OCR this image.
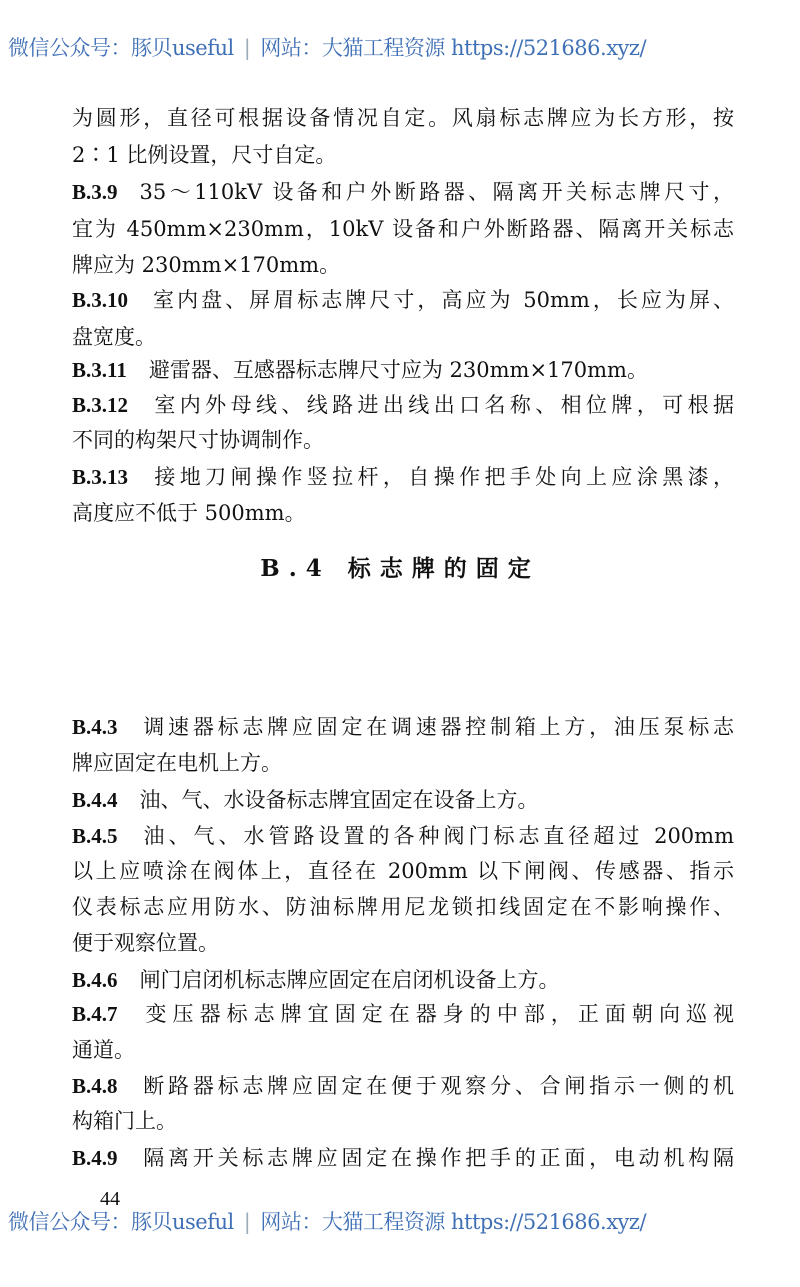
微信公众号：豚贝useful | 网站：大猫工程资源 https://521686.xyz/
为圆形，直径可根据设备情况自定。风扇标志牌应为长方形，按
2∶1 比例设置，尺寸自定。
B.3.9 35～110kV 设备和户外断路器、隔离开关标志牌尺寸，
宜为 450mm×230mm，10kV 设备和户外断路器、隔离开关标志
牌应为 230mm×170mm。
B.3.10 室内盘、屏眉标志牌尺寸，高应为 50mm，长应为屏、
盘宽度。
B.3.11 避雷器、互感器标志牌尺寸应为 230mm×170mm。
B.3.12 室内外母线、线路进出线出口名称、相位牌，可根据
不同的构架尺寸协调制作。
B.3.13 接地刀闸操作竖拉杆，自操作把手处向上应涂黑漆，
高度应不低于 500mm。
B.4 标志牌的固定
B.4.3 调速器标志牌应固定在调速器控制箱上方，油压泵标志
牌应固定在电机上方。
B.4.4 油、气、水设备标志牌宜固定在设备上方。
B.4.5 油、气、水管路设置的各种阀门标志直径超过 200mm
以上应喷涂在阀体上，直径在 200mm 以下闸阀、传感器、指示
仪表标志应用防水、防油标牌用尼龙锁扣线固定在不影响操作、
便于观察位置。
B.4.6 闸门启闭机标志牌应固定在启闭机设备上方。
B.4.7 变压器标志牌宜固定在器身的中部，正面朝向巡视
通道。
B.4.8 断路器标志牌应固定在便于观察分、合闸指示一侧的机
构箱门上。
B.4.9 隔离开关标志牌应固定在操作把手的正面，电动机构隔
44
微信公众号：豚贝useful | 网站：大猫工程资源 https://521686.xyz/
